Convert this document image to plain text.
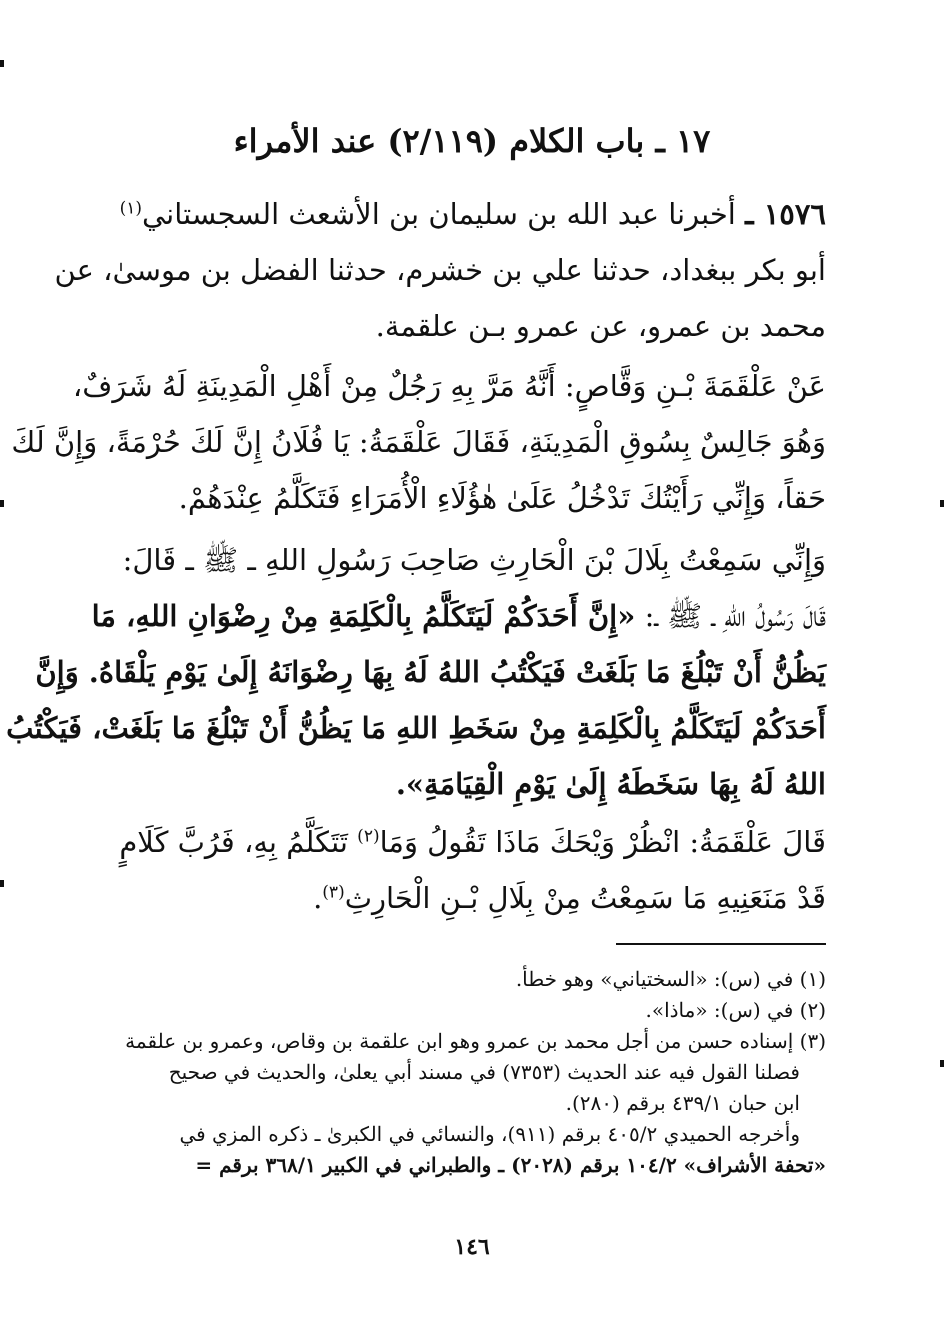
١٧ ـ باب الكلام (٢/١١٩) عند الأمراء
١٥٧٦ ـ أخبرنا عبد الله بن سليمان بن الأشعث السجستاني$^{(١)}$
أبو بكر ببغداد، حدثنا علي بن خشرم، حدثنا الفضل بن موسىٰ، عن
محمد بن عمرو، عن عمرو بـن علقمة.
عَنْ عَلْقَمَةَ بْـنِ وَقَّاصٍ: أَنَّهُ مَرَّ بِهِ رَجُلٌ مِنْ أَهْلِ الْمَدِينَةِ لَهُ شَرَفٌ،
وَهُوَ جَالِسٌ بِسُوقِ الْمَدِينَةِ، فَقَالَ عَلْقَمَةُ: يَا فُلَانُ إِنَّ لَكَ حُرْمَةً، وَإِنَّ لَكَ
حَقاً، وَإِنِّي رَأَيْتُكَ تَدْخُلُ عَلَىٰ هٰؤُلَاءِ الْأُمَرَاءِ فَتَكَلَّمُ عِنْدَهُمْ.
وَإِنِّي سَمِعْتُ بِلَالَ بْنَ الْحَارِثِ صَاحِبَ رَسُولِ اللهِ ـ ﷺ ـ قَالَ:
قَالَ رَسُولُ اللهِ ـ ﷺ ـ: «إِنَّ أَحَدَكُمْ لَيَتَكَلَّمُ بِالْكَلِمَةِ مِنْ رِضْوَانِ اللهِ، مَا
يَظُنُّ أَنْ تَبْلُغَ مَا بَلَغَتْ فَيَكْتُبُ اللهُ لَهُ بِهَا رِضْوَانَهُ إِلَىٰ يَوْمِ يَلْقَاهُ. وَإِنَّ
أَحَدَكُمْ لَيَتَكَلَّمُ بِالْكَلِمَةِ مِنْ سَخَطِ اللهِ مَا يَظُنُّ أَنْ تَبْلُغَ مَا بَلَغَتْ، فَيَكْتُبُ
اللهُ لَهُ بِهَا سَخَطَهُ إِلَىٰ يَوْمِ الْقِيَامَةِ».
قَالَ عَلْقَمَةُ: انْظُرْ وَيْحَكَ مَاذَا تَقُولُ وَمَا$^{(٢)}$ تَتَكَلَّمُ بِهِ، فَرُبَّ كَلَامٍ
قَدْ مَنَعَنِيهِ مَا سَمِعْتُ مِنْ بِلَالِ بْـنِ الْحَارِثِ$^{(٣)}$.
(١) في (س): «السختياني» وهو خطأ.
(٢) في (س): «ماذا».
(٣) إسناده حسن من أجل محمد بن عمرو وهو ابن علقمة بن وقاص، وعمرو بن علقمة
فصلنا القول فيه عند الحديث (٧٣٥٣) في مسند أبي يعلىٰ، والحديث في صحيح
ابن حبان ٤٣٩/١ برقم (٢٨٠).
وأخرجه الحميدي ٤٠٥/٢ برقم (٩١١)، والنسائي في الكبرىٰ ـ ذكره المزي في
«تحفة الأشراف» ١٠٤/٢ برقم (٢٠٢٨) ـ والطبراني في الكبير ٣٦٨/١ برقم =
١٤٦
